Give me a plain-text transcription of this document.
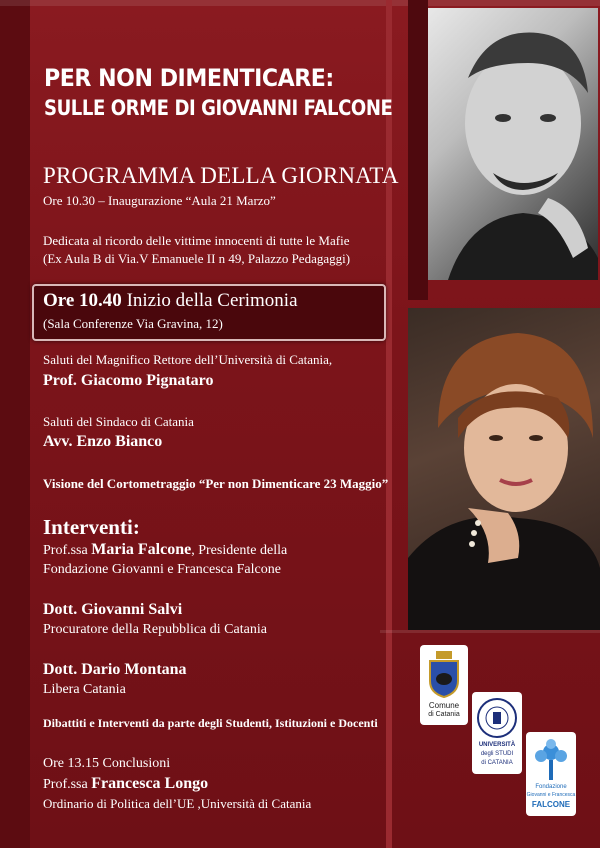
PER NON DIMENTICARE:
SULLE ORME DI GIOVANNI FALCONE
PROGRAMMA DELLA GIORNATA
Ore 10.30 – Inaugurazione “Aula 21 Marzo”
Dedicata al ricordo delle vittime innocenti di tutte le Mafie
(Ex Aula B di Via.V Emanuele II n 49, Palazzo Pedagaggi)
Ore 10.40 Inizio della Cerimonia
(Sala Conferenze Via Gravina, 12)
Saluti del Magnifico Rettore dell’Università di Catania,
Prof. Giacomo Pignataro
Saluti del Sindaco di Catania
Avv. Enzo Bianco
Visione del Cortometraggio “Per non Dimenticare 23 Maggio”
Interventi:
Prof.ssa Maria Falcone, Presidente della
Fondazione Giovanni e Francesca Falcone
Dott. Giovanni Salvi
Procuratore della Repubblica di Catania
Dott. Dario Montana
Libera Catania
Dibattiti e Interventi da parte degli Studenti, Istituzioni e Docenti
Ore 13.15 Conclusioni
Prof.ssa Francesca Longo
Ordinario di Politica dell’UE ,Università di Catania
Comune
di Catania
UNIVERSITÀ
degli STUDI
di CATANIA
Fondazione
Giovanni e Francesca
FALCONE
